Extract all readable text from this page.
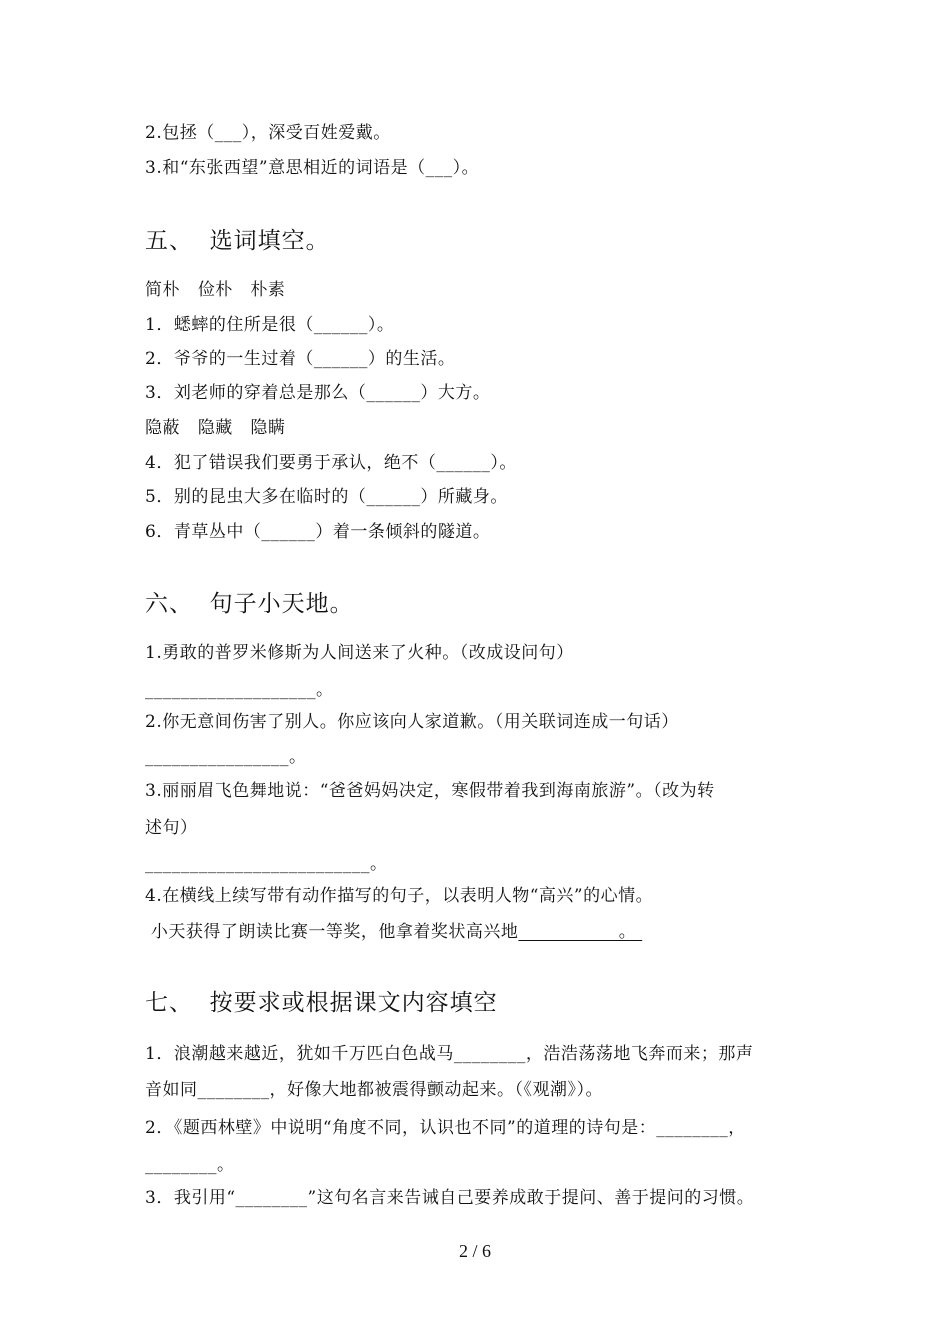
2.包拯（___），深受百姓爱戴。
3.和“东张西望”意思相近的词语是（___）。
五、  选词填空。
简朴   俭朴   朴素
1．蟋蟀的住所是很（______）。
2．爷爷的一生过着（______）的生活。
3．刘老师的穿着总是那么（______）大方。
隐蔽   隐藏   隐瞒
4．犯了错误我们要勇于承认，绝不（______）。
5．别的昆虫大多在临时的（______）所藏身。
6．青草丛中（______）着一条倾斜的隧道。
六、  句子小天地。
1.勇敢的普罗米修斯为人间送来了火种。（改成设问句）
___________________。
2.你无意间伤害了别人。你应该向人家道歉。（用关联词连成一句话）
________________。
3.丽丽眉飞色舞地说：“爸爸妈妈决定，寒假带着我到海南旅游”。（改为转
述句）
_________________________。
4.在横线上续写带有动作描写的句子，以表明人物“高兴”的心情。
小天获得了朗读比赛一等奖，他拿着奖状高兴地                 。
七、  按要求或根据课文内容填空
1．浪潮越来越近，犹如千万匹白色战马________，浩浩荡荡地飞奔而来；那声
音如同________，好像大地都被震得颤动起来。（《观潮》）。
2．《题西林壁》中说明“角度不同，认识也不同”的道理的诗句是：________，
________。
3．我引用“________”这句名言来告诫自己要养成敢于提问、善于提问的习惯。
2 / 6
